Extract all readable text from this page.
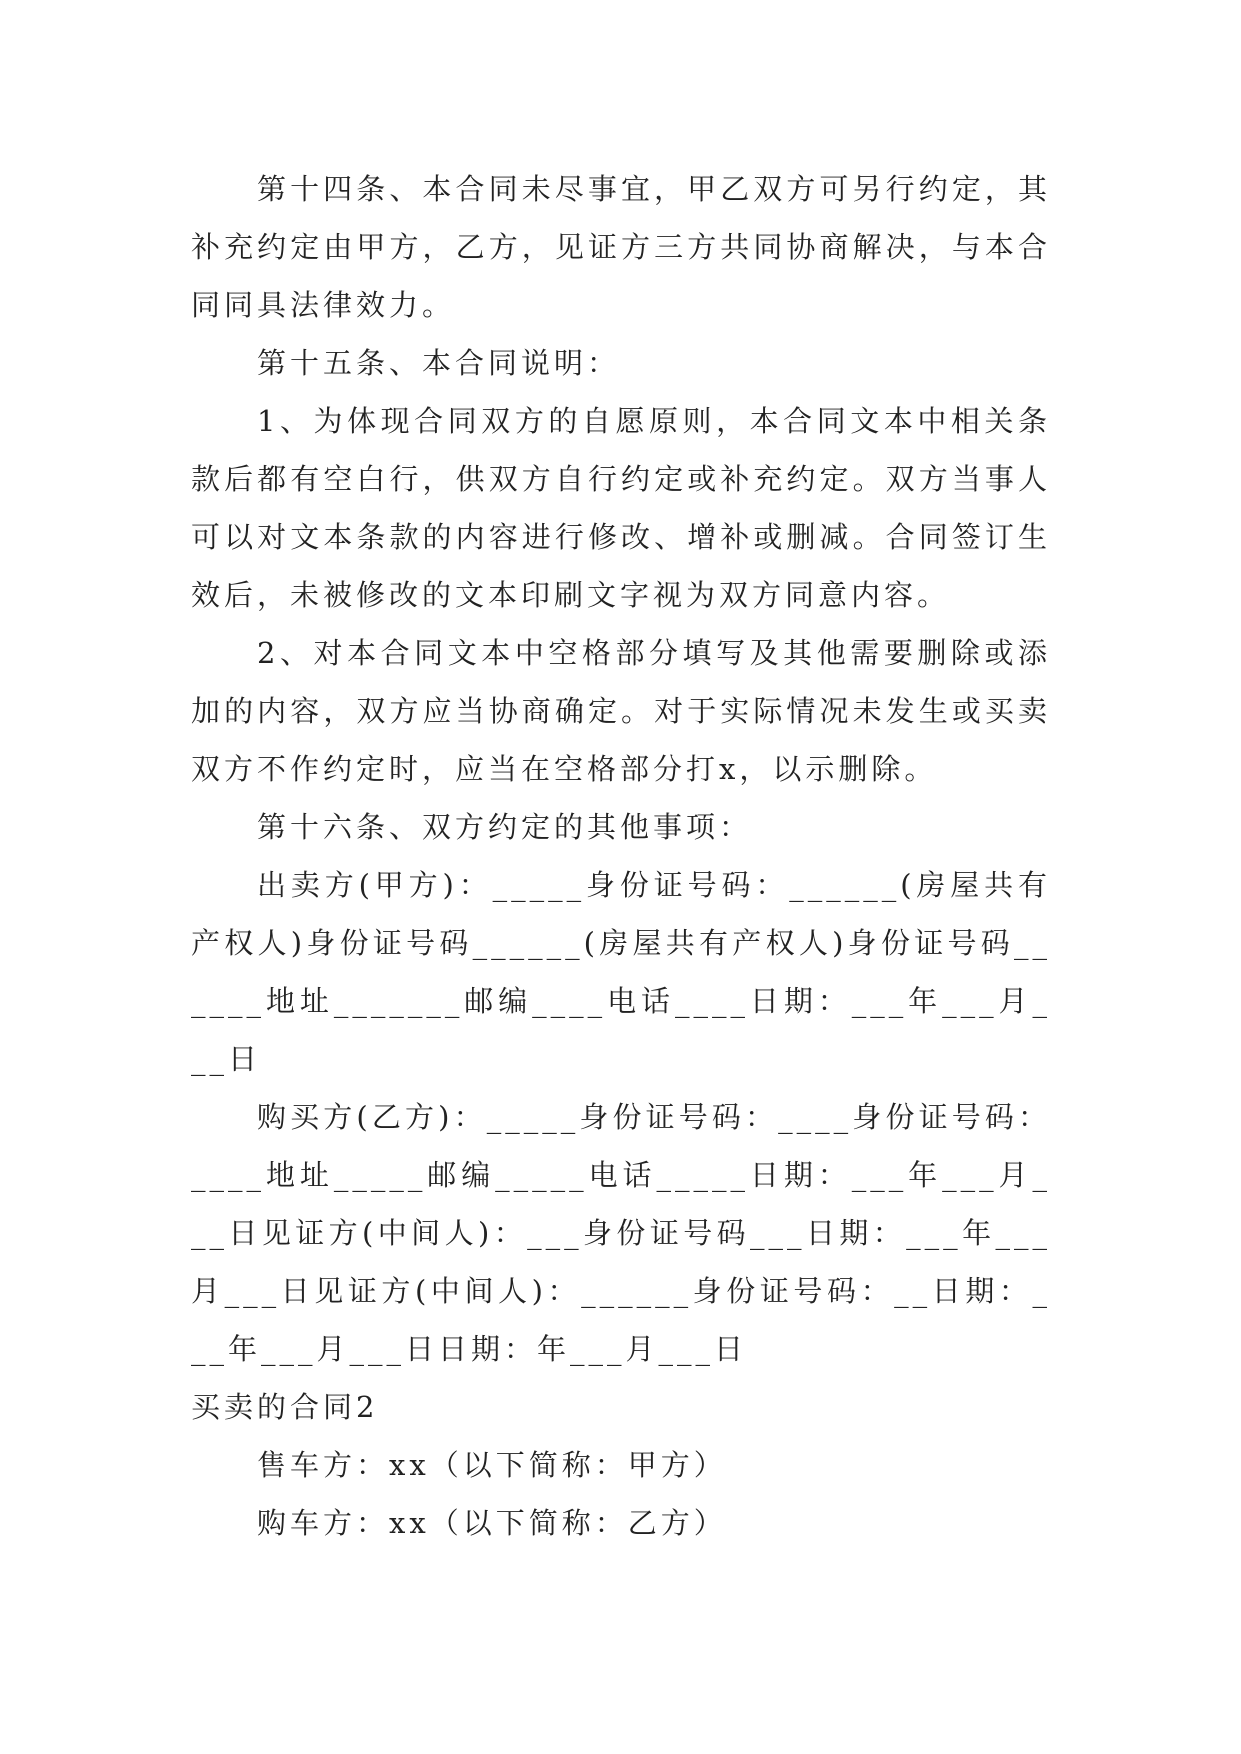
第十四条、本合同未尽事宜，甲乙双方可另行约定，其补充约定由甲方，乙方，见证方三方共同协商解决，与本合同同具法律效力。

第十五条、本合同说明：

1、为体现合同双方的自愿原则，本合同文本中相关条款后都有空白行，供双方自行约定或补充约定。双方当事人可以对文本条款的内容进行修改、增补或删减。合同签订生效后，未被修改的文本印刷文字视为双方同意内容。

2、对本合同文本中空格部分填写及其他需要删除或添加的内容，双方应当协商确定。对于实际情况未发生或买卖双方不作约定时，应当在空格部分打x，以示删除。

第十六条、双方约定的其他事项：

出卖方(甲方)：_____身份证号码：______(房屋共有产权人)身份证号码______(房屋共有产权人)身份证号码______地址_______邮编____电话____日期：___年___月___日

购买方(乙方)：_____身份证号码：____身份证号码：____地址_____邮编_____电话_____日期：___年___月___日见证方(中间人)：___身份证号码___日期：___年___月___日见证方(中间人)：______身份证号码：__日期：___年___月___日日期：年___月___日

买卖的合同2

售车方：xx（以下简称：甲方）

购车方：xx（以下简称：乙方）
